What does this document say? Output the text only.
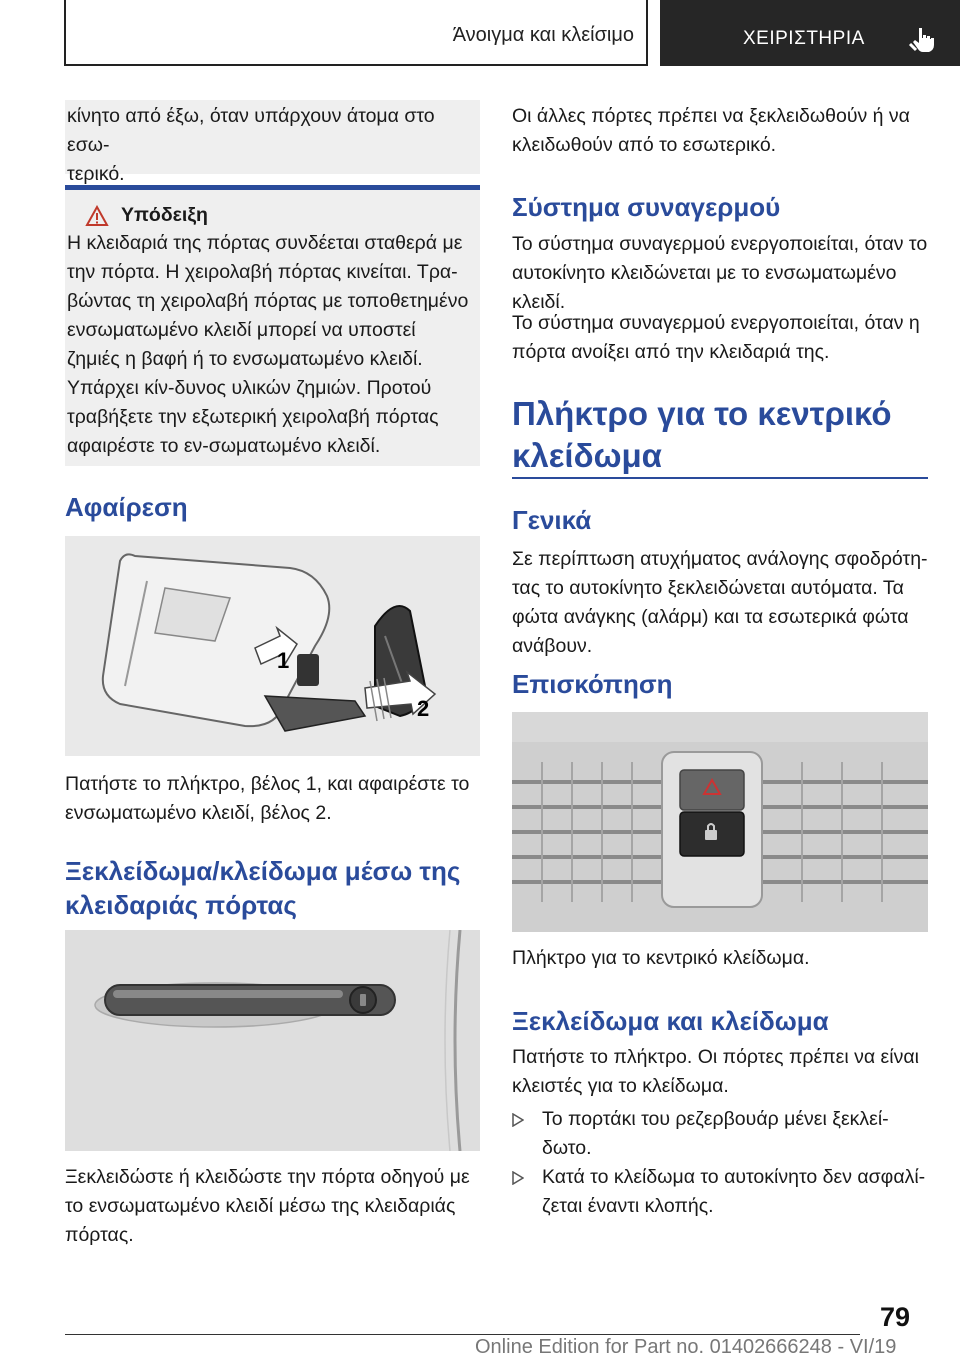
Άνοιγμα και κλείσιμο	ΧΕΙΡΙΣΤΗΡΙΑ

κίνητο από έξω, όταν υπάρχουν άτομα στο εσω-
τερικό.

Υπόδειξη

Η κλειδαριά της πόρτας συνδέεται σταθερά με την πόρτα. Η χειρολαβή πόρτας κινείται. Τρα-βώντας τη χειρολαβή πόρτας με τοποθετημένο ενσωματωμένο κλειδί μπορεί να υποστεί ζημιές η βαφή ή το ενσωματωμένο κλειδί. Υπάρχει κίν-δυνος υλικών ζημιών. Προτού τραβήξετε την εξωτερική χειρολαβή πόρτας αφαιρέστε το εν-σωματωμένο κλειδί.

Αφαίρεση
1
2

Πατήστε το πλήκτρο, βέλος 1, και αφαιρέστε το ενσωματωμένο κλειδί, βέλος 2.

Ξεκλείδωμα/κλείδωμα μέσω της κλειδαριάς πόρτας

Ξεκλειδώστε ή κλειδώστε την πόρτα οδηγού με το ενσωματωμένο κλειδί μέσω της κλειδαριάς πόρτας.

Οι άλλες πόρτες πρέπει να ξεκλειδωθούν ή να κλειδωθούν από το εσωτερικό.

Σύστημα συναγερμού

Το σύστημα συναγερμού ενεργοποιείται, όταν το αυτοκίνητο κλειδώνεται με το ενσωματωμένο κλειδί.

Το σύστημα συναγερμού ενεργοποιείται, όταν η πόρτα ανοίξει από την κλειδαριά της.

Πλήκτρο για το κεντρικό κλείδωμα
Γενικά

Σε περίπτωση ατυχήματος ανάλογης σφοδρότη-τας το αυτοκίνητο ξεκλειδώνεται αυτόματα. Τα φώτα ανάγκης (αλάρμ) και τα εσωτερικά φώτα ανάβουν.

Επισκόπηση

Πλήκτρο για το κεντρικό κλείδωμα.

Ξεκλείδωμα και κλείδωμα

Πατήστε το πλήκτρο. Οι πόρτες πρέπει να είναι κλειστές για το κλείδωμα.

Το πορτάκι του ρεζερβουάρ μένει ξεκλεί-δωτο.

Κατά το κλείδωμα το αυτοκίνητο δεν ασφαλί-ζεται έναντι κλοπής.

79
Online Edition for Part no. 01402666248 - VI/19
